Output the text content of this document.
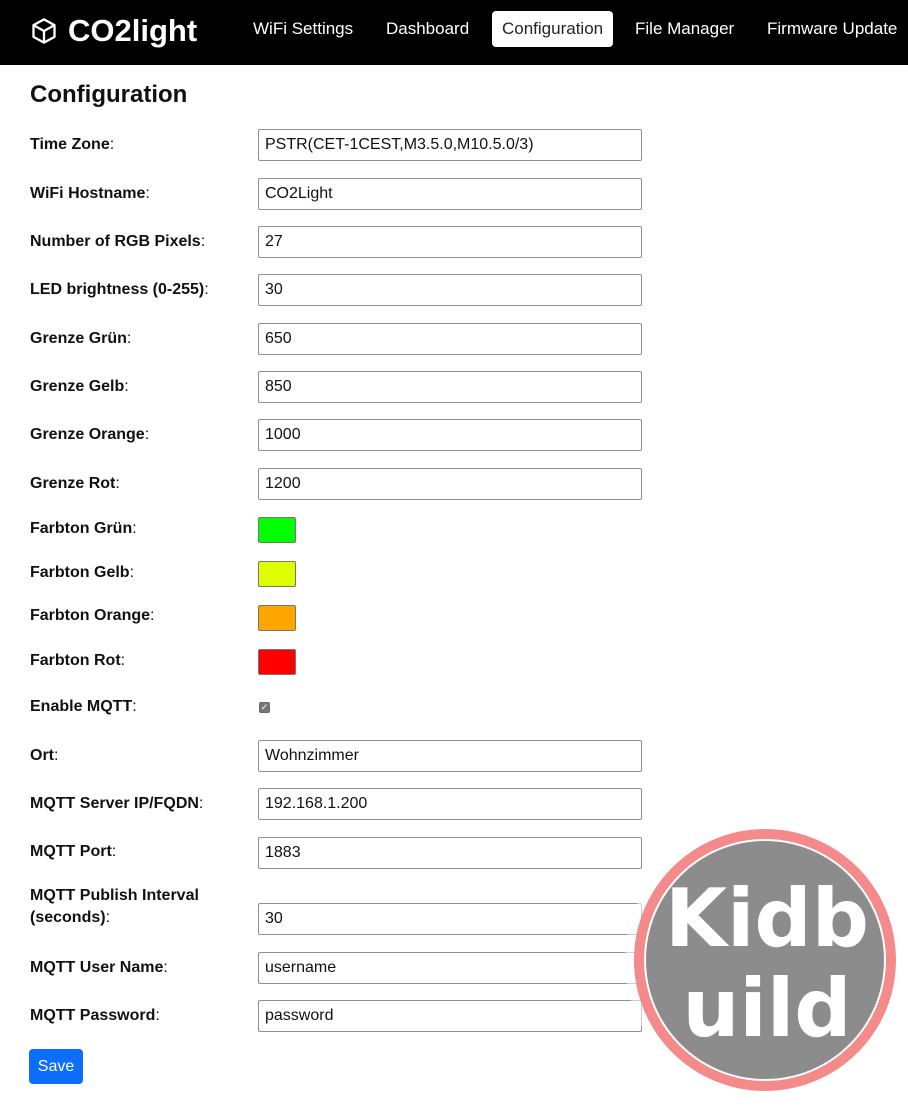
CO2light	WiFi Settings	Dashboard	Configuration	File Manager	Firmware Update
Configuration
Time Zone:
PSTR(CET-1CEST,M3.5.0,M10.5.0/3)
WiFi Hostname:
CO2Light
Number of RGB Pixels:
27
LED brightness (0-255):
30
Grenze Grün:
650
Grenze Gelb:
850
Grenze Orange:
1000
Grenze Rot:
1200
Farbton Grün:
Farbton Gelb:
Farbton Orange:
Farbton Rot:
Enable MQTT:	✓
Ort:
Wohnzimmer
MQTT Server IP/FQDN:
192.168.1.200
MQTT Port:
1883
MQTT Publish Interval
(seconds):
30
MQTT User Name:
username
MQTT Password:
password
Save
Kidb
uild
